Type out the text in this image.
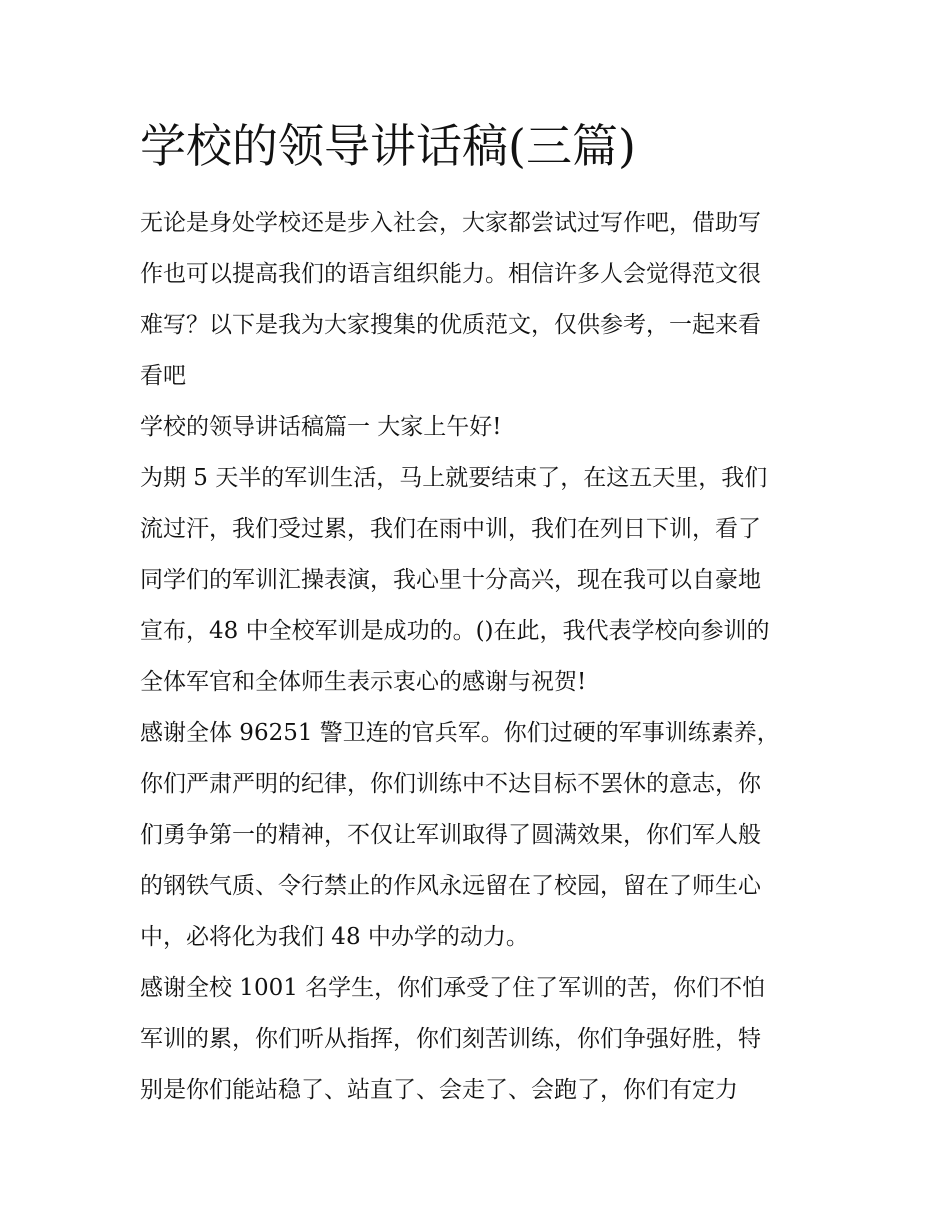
学校的领导讲话稿(三篇)
无论是身处学校还是步入社会，大家都尝试过写作吧，借助写
作也可以提高我们的语言组织能力。相信许多人会觉得范文很
难写？以下是我为大家搜集的优质范文，仅供参考，一起来看
看吧
学校的领导讲话稿篇一 大家上午好!
为期 5 天半的军训生活，马上就要结束了，在这五天里，我们
流过汗，我们受过累，我们在雨中训，我们在列日下训，看了
同学们的军训汇操表演，我心里十分高兴，现在我可以自豪地
宣布，48 中全校军训是成功的。()在此，我代表学校向参训的
全体军官和全体师生表示衷心的感谢与祝贺!
感谢全体 96251 警卫连的官兵军。你们过硬的军事训练素养，
你们严肃严明的纪律，你们训练中不达目标不罢休的意志，你
们勇争第一的精神，不仅让军训取得了圆满效果，你们军人般
的钢铁气质、令行禁止的作风永远留在了校园，留在了师生心
中，必将化为我们 48 中办学的动力。
感谢全校 1001 名学生，你们承受了住了军训的苦，你们不怕
军训的累，你们听从指挥，你们刻苦训练，你们争强好胜，特
别是你们能站稳了、站直了、会走了、会跑了，你们有定力
